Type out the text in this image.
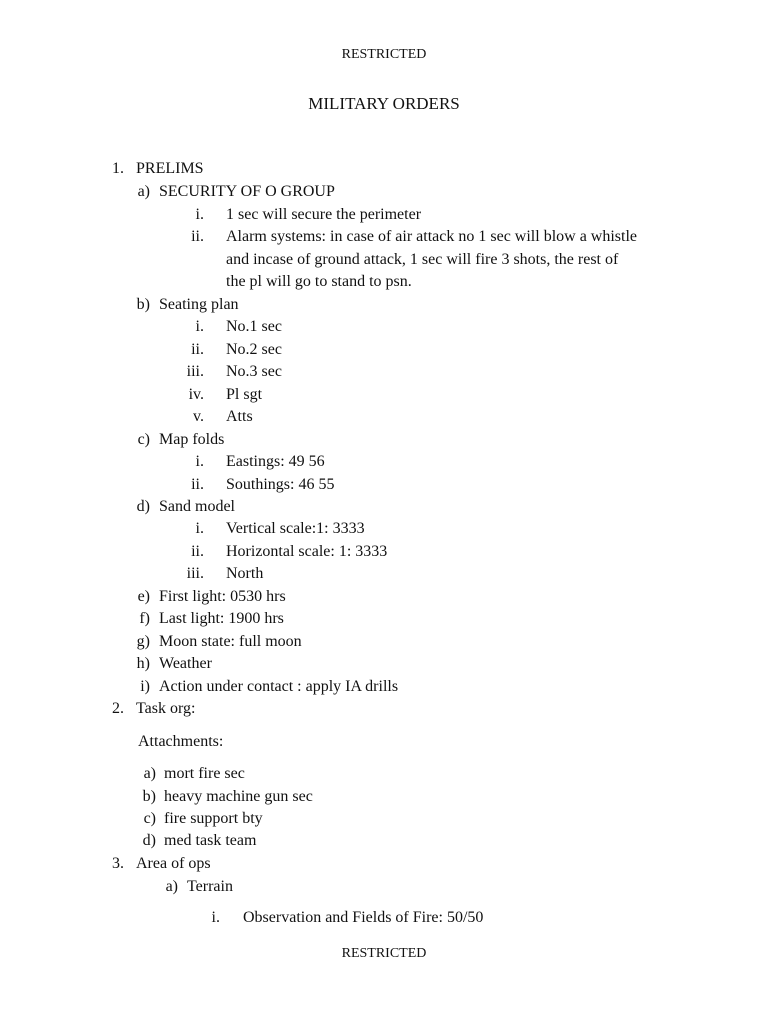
RESTRICTED
MILITARY ORDERS
1. PRELIMS
a) SECURITY OF O GROUP
i. 1 sec will secure the perimeter
ii. Alarm systems: in case of air attack no 1 sec will blow a whistle
and incase of ground attack, 1 sec will fire 3 shots, the rest of
the pl will go to stand to psn.
b) Seating plan
i. No.1 sec
ii. No.2 sec
iii. No.3 sec
iv. Pl sgt
v. Atts
c) Map folds
i. Eastings: 49 56
ii. Southings: 46 55
d) Sand model
i. Vertical scale:1: 3333
ii. Horizontal scale: 1: 3333
iii. North
e) First light: 0530 hrs
f) Last light: 1900 hrs
g) Moon state: full moon
h) Weather
i) Action under contact : apply IA drills
2. Task org:
Attachments:
a) mort fire sec
b) heavy machine gun sec
c) fire support bty
d) med task team
3. Area of ops
a) Terrain
i. Observation and Fields of Fire: 50/50
RESTRICTED
